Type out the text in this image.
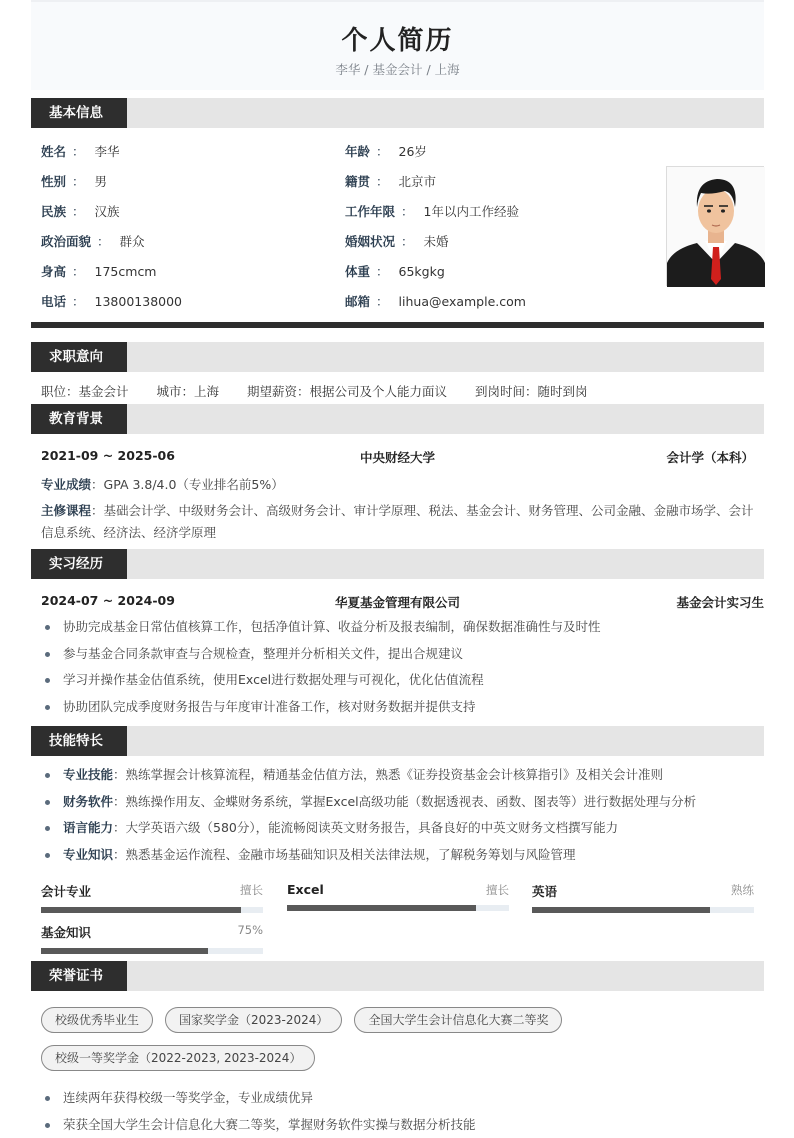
个人简历
李华 / 基金会计 / 上海
基本信息
姓名 ： 李华
性别 ： 男
民族 ： 汉族
政治面貌 ： 群众
身高 ： 175cmcm
电话 ： 13800138000
年龄 ： 26岁
籍贯 ： 北京市
工作年限 ： 1年以内工作经验
婚姻状况 ： 未婚
体重 ： 65kgkg
邮箱 ： lihua@example.com
求职意向
职位：基金会计 城市：上海 期望薪资：根据公司及个人能力面议 到岗时间：随时到岗
教育背景
2021-09 ~ 2025-06	中央财经大学	会计学（本科）
专业成绩：GPA 3.8/4.0（专业排名前5%）
主修课程：基础会计学、中级财务会计、高级财务会计、审计学原理、税法、基金会计、财务管理、公司金融、金融市场学、会计信息系统、经济法、经济学原理
实习经历
2024-07 ~ 2024-09	华夏基金管理有限公司	基金会计实习生
协助完成基金日常估值核算工作，包括净值计算、收益分析及报表编制，确保数据准确性与及时性
参与基金合同条款审查与合规检查，整理并分析相关文件，提出合规建议
学习并操作基金估值系统，使用Excel进行数据处理与可视化，优化估值流程
协助团队完成季度财务报告与年度审计准备工作，核对财务数据并提供支持
技能特长
专业技能：熟练掌握会计核算流程，精通基金估值方法，熟悉《证券投资基金会计核算指引》及相关会计准则
财务软件：熟练操作用友、金蝶财务系统，掌握Excel高级功能（数据透视表、函数、图表等）进行数据处理与分析
语言能力：大学英语六级（580分），能流畅阅读英文财务报告，具备良好的中英文财务文档撰写能力
专业知识：熟悉基金运作流程、金融市场基础知识及相关法律法规，了解税务筹划与风险管理
会计专业	擅长 Excel	擅长 英语	熟练
基金知识	75%
荣誉证书
校级优秀毕业生	国家奖学金（2023-2024）	全国大学生会计信息化大赛二等奖
校级一等奖学金（2022-2023, 2023-2024）
连续两年获得校级一等奖学金，专业成绩优异
荣获全国大学生会计信息化大赛二等奖，掌握财务软件实操与数据分析技能
